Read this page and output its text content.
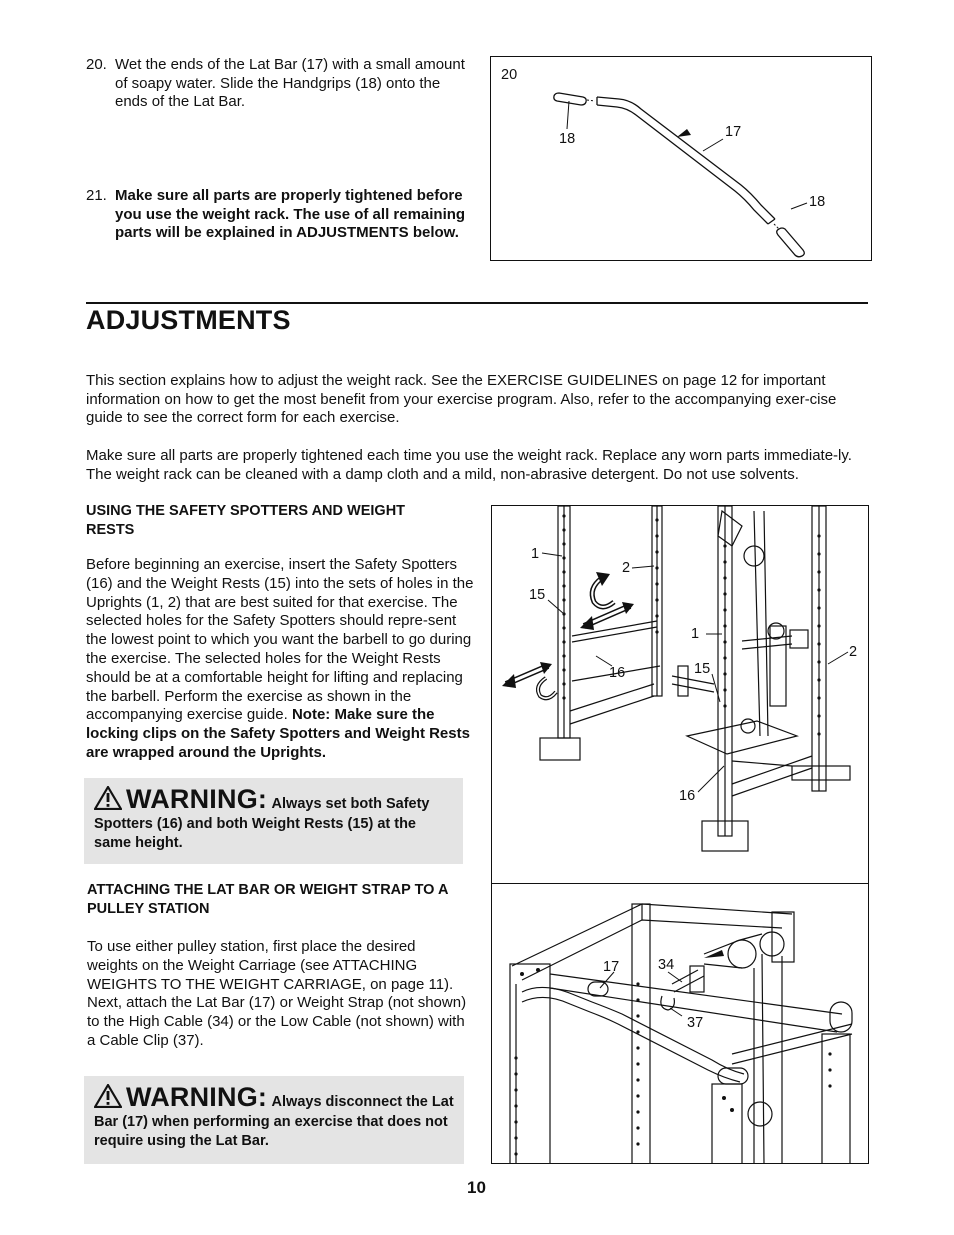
20. Wet the ends of the Lat Bar (17) with a small amount of soapy water. Slide the Handgrips (18) onto the ends of the Lat Bar.
21. Make sure all parts are properly tightened before you use the weight rack. The use of all remaining parts will be explained in ADJUSTMENTS below.
20
18	17
18
ADJUSTMENTS
This section explains how to adjust the weight rack. See the EXERCISE GUIDELINES on page 12 for important information on how to get the most benefit from your exercise program. Also, refer to the accompanying exer-cise guide to see the correct form for each exercise.
Make sure all parts are properly tightened each time you use the weight rack. Replace any worn parts immediate-ly. The weight rack can be cleaned with a damp cloth and a mild, non-abrasive detergent. Do not use solvents.
USING THE SAFETY SPOTTERS AND WEIGHT RESTS
Before beginning an exercise, insert the Safety Spotters (16) and the Weight Rests (15) into the sets of holes in the Uprights (1, 2) that are best suited for that exercise. The selected holes for the Safety Spotters should repre-sent the lowest point to which you want the barbell to go during the exercise. The selected holes for the Weight Rests should be at a comfortable height for lifting and replacing the barbell. Perform the exercise as shown in the accompanying exercise guide. Note: Make sure the locking clips on the Safety Spotters and Weight Rests are wrapped around the Uprights.
WARNING: Always set both Safety Spotters (16) and both Weight Rests (15) at the same height.
ATTACHING THE LAT BAR OR WEIGHT STRAP TO A PULLEY STATION
To use either pulley station, first place the desired weights on the Weight Carriage (see ATTACHING WEIGHTS TO THE WEIGHT CARRIAGE, on page 11). Next, attach the Lat Bar (17) or Weight Strap (not shown) to the High Cable (34) or the Low Cable (not shown) with a Cable Clip (37).
WARNING: Always disconnect the Lat Bar (17) when performing an exercise that does not require using the Lat Bar.
1
2
15
16
1
15
2
16
17	34
37
10
